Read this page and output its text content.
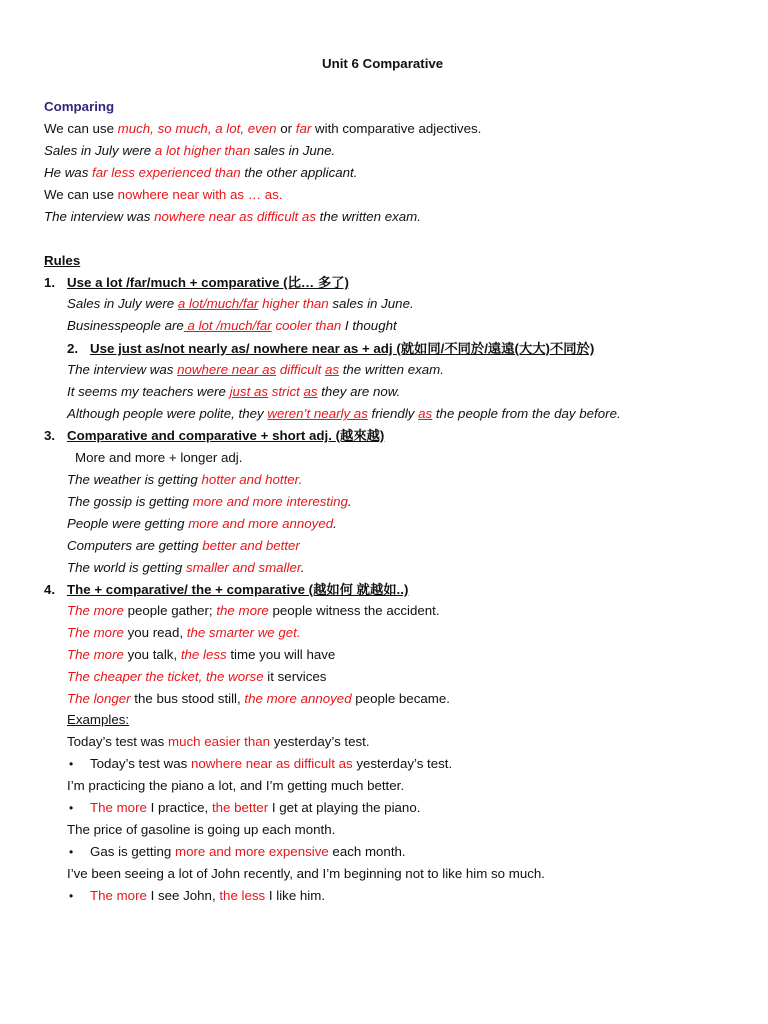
Unit 6 Comparative
Comparing
Rules
1. Use a lot /far/much + comparative (比… 多了)
2. Use just as/not nearly as/ nowhere near as + adj (就如同/不同於/遠遠(大大)不同於)
3. Comparative and comparative + short adj. (越來越)
More and more + longer adj.
4. The + comparative/ the + comparative (越如何 就越如..)
Examples:
We can use much, so much, a lot, even or far with comparative adjectives.
Sales in July were a lot higher than sales in June.
He was far less experienced than the other applicant.
We can use nowhere near with as … as.
The interview was nowhere near as difficult as the written exam.
Sales in July were a lot/much/far higher than sales in June.
Businesspeople are a lot /much/far cooler than I thought
The interview was nowhere near as difficult as the written exam.
It seems my teachers were just as strict as they are now.
Although people were polite, they weren’t nearly as friendly as the people from the day before.
The weather is getting hotter and hotter.
The gossip is getting more and more interesting.
People were getting more and more annoyed.
Computers are getting better and better
The world is getting smaller and smaller.
The more people gather; the more people witness the accident.
The more you read, the smarter we get.
The more you talk, the less time you will have
The cheaper the ticket, the worse it services
The longer the bus stood still, the more annoyed people became.
Today’s test was much easier than yesterday’s test.
• Today’s test was nowhere near as difficult as yesterday’s test.
I’m practicing the piano a lot, and I’m getting much better.
• The more I practice, the better I get at playing the piano.
The price of gasoline is going up each month.
• Gas is getting more and more expensive each month.
I’ve been seeing a lot of John recently, and I’m beginning not to like him so much.
• The more I see John, the less I like him.
